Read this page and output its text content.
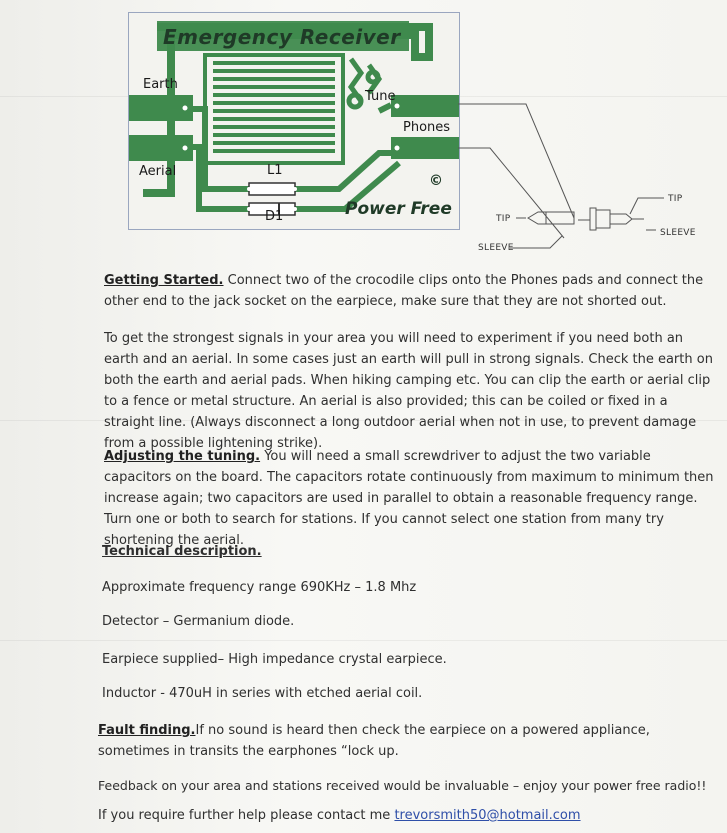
Emergency Receiver
Earth
Aerial
Tune
Phones
L1
D1
©
Power Free	TIP
SLEEVE
TIP
SLEEVE
Getting Started. Connect two of the crocodile clips onto the Phones pads and connect the other end to the jack socket on the earpiece, make sure that they are not shorted out.
To get the strongest signals in your area you will need to experiment if you need both an earth and an aerial. In some cases just an earth will pull in strong signals. Check the earth on both the earth and aerial pads. When hiking camping etc. You can clip the earth or aerial clip to a fence or metal structure. An aerial is also provided; this can be coiled or fixed in a straight line. (Always disconnect a long outdoor aerial when not in use, to prevent damage from a possible lightening strike).
Adjusting the tuning. You will need a small screwdriver to adjust the two variable capacitors on the board. The capacitors rotate continuously from maximum to minimum then increase again; two capacitors are used in parallel to obtain a reasonable frequency range. Turn one or both to search for stations. If you cannot select one station from many try shortening the aerial.
Technical description.
Approximate frequency range 690KHz – 1.8 Mhz
Detector – Germanium diode.
Earpiece supplied– High impedance crystal earpiece.
Inductor - 470uH in series with etched aerial coil.
Fault finding.If no sound is heard then check the earpiece on a powered appliance, sometimes in transits the earphones “lock up.
Feedback on your area and stations received would be invaluable – enjoy your power free radio!!
If you require further help please contact me trevorsmith50@hotmail.com
